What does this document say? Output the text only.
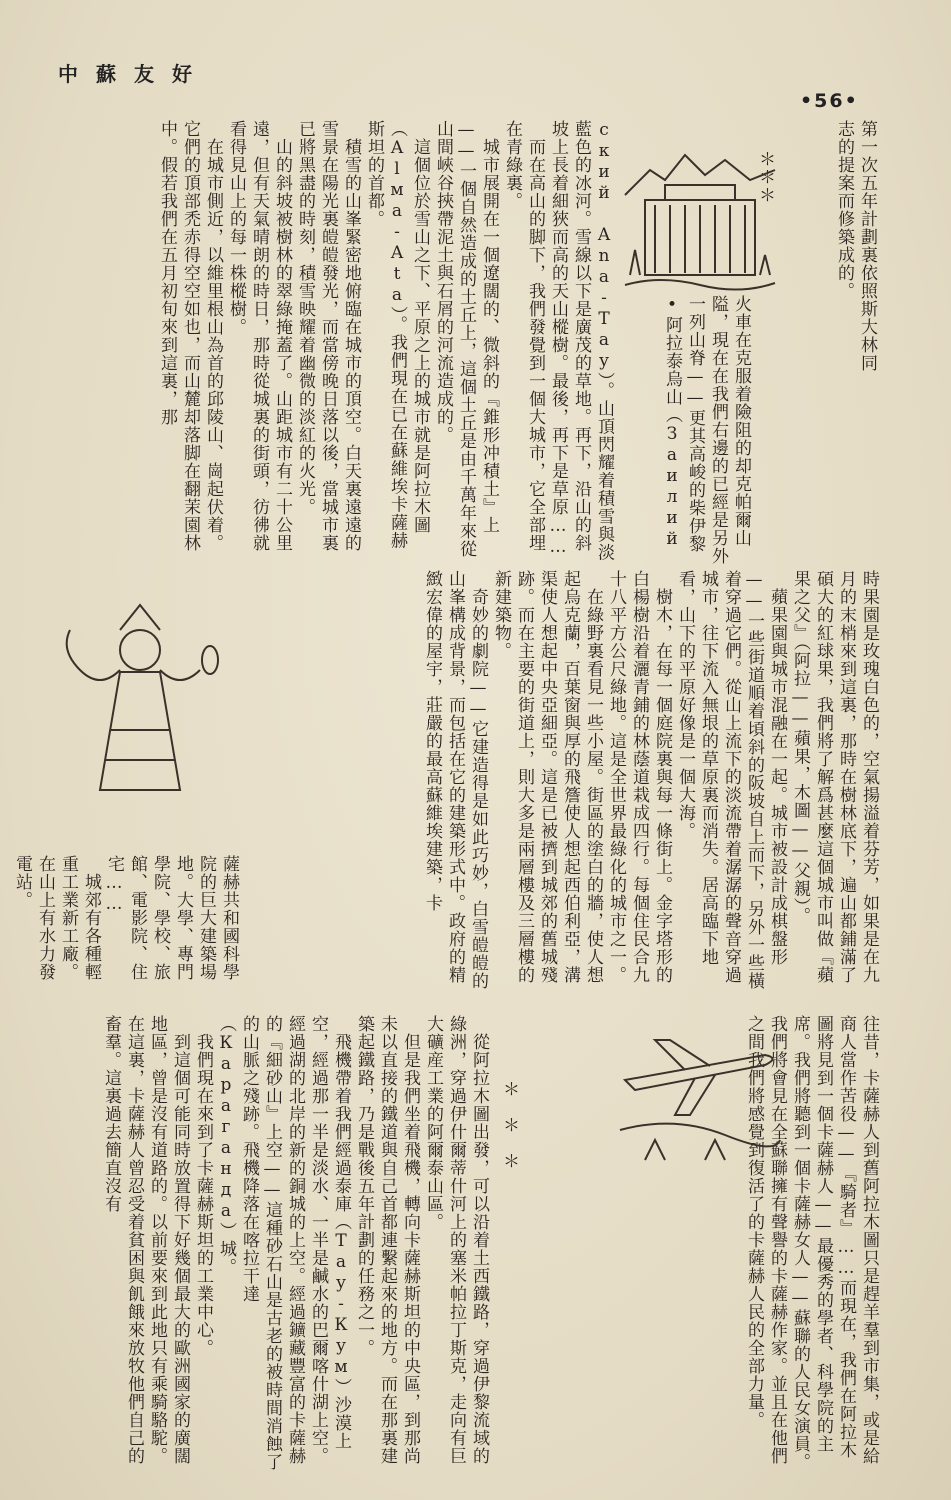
中蘇友好
•56•
第一次五年計劃裏依照斯大林同志的提案而修築成的。
＊＊＊
火車在克服着險阻的却克帕爾山隘，現在在我們右邊的已經是另外一列山脊——更其高峻的柴伊黎•阿拉泰烏山（Заилий
ский Ana-Tay）。山頂閃耀着積雪與淡藍色的冰河。雪線以下是廣茂的草地。再下，沿山的斜坡上長着細狹而高的天山樅樹。最後，再下是草原……
　而在高山的脚下，我們發覺到一個大城市，它全部埋在青綠裏。
　城市展開在一個遼闊的、微斜的『錐形冲積土』上——一個自然造成的土丘上，這個土丘是由千萬年來從山間峽谷挾帶泥土與石屑的河流造成的。
　這個位於雪山之下、平原之上的城市就是阿拉木圖（Аlма-Аta）。我們現在已在蘇維埃卡薩赫斯坦的首都。
　積雪的山峯緊密地俯臨在城市的頂空。白天裏遠遠的雪景在陽光裏皚皚發光，而當傍晚日落以後，當城市裏已將黑盡的時刻，積雪映耀着幽微的淡紅的火光。
　山的斜坡被樹林的翠綠掩蓋了。山距城市有二十公里遠，但有天氣晴朗的時日，那時從城裏的街頭，彷彿就看得見山上的每一株樅樹。
　在城市側近，以維里根山為首的邱陵山、崗起伏着。它們的頂部禿赤得空空如也，而山麓却落脚在翻茉園林中。假若我們在五月初旬來到這裏，那
時果園是玫瑰白色的，空氣揚溢着芬芳，如果是在九月的末梢來到這裏，那時在樹林底下，遍山都鋪滿了碩大的紅球果，我們將了解爲甚麼這個城市叫做『蘋果之父』（阿拉——蘋果，木圖——父親）。
　蘋果園與城市混融在一起。城市被設計成棋盤形——一些街道順着頃斜的阪坡自上而下，另外一些橫着穿過它們。從山上流下的淡流帶着潺潺的聲音穿過城市，往下流入無垠的草原裏而消失。居高臨下地看，山下的平原好像是一個大海。
　樹木，在每一個庭院裏與每一條街上。金字塔形的白楊樹沿着灑青鋪的林蔭道栽成四行。每個住民合九十八平方公尺綠地。這是全世界最綠化的城市之一。
　在綠野裏看見一些小屋。街區的塗白的牆，使人想起烏克蘭，百葉窗與厚的飛簷使人想起西伯利亞，溝渠使人想起中央亞細亞。這是已被擠到城郊的舊城殘跡。而在主要的街道上，則大多是兩層樓及三層樓的新建築物。
　奇妙的劇院——它建造得是如此巧妙，白雪皚皚的山峯構成背景，而包括在它的建築形式中。政府的精緻宏偉的屋宇，莊嚴的最高蘇維埃建築，卡
薩赫共和國科學院的巨大建築場地。大學、專門學院、學校、旅館、電影院、住宅……
　城郊有各種輕重工業新工廠。在山上有水力發電站。
往昔，卡薩赫人到舊阿拉木圖只是趕羊羣到市集，或是給商人當作苦役——『騎者』……而現在，我們在阿拉木圖將見到一個卡薩赫人——最優秀的學者、科學院的主席。我們將聽到一個卡薩赫女人——蘇聯的人民女演員。我們將會見在全蘇聯擁有聲譽的卡薩赫作家。並且在他們之間我們將感覺到復活了的卡薩赫人民的全部力量。
＊　＊　＊
　從阿拉木圖出發，可以沿着土西鐵路，穿過伊黎流域的綠洲，穿過伊什爾蒂什河上的塞米帕拉丁斯克，走向有巨大礦産工業的阿爾泰山區。
　但是我們坐着飛機，轉向卡薩赫斯坦的中央區，到那尚未以直接的鐵道與自己首都連繫起來的地方。而在那裏建築起鐵路，乃是戰後五年計劃的任務之一。
　飛機帶着我們經過泰庫（Тау-Кум）沙漠上空，經過那一半是淡水、一半是鹹水的巴爾喀什湖上空。經過湖的北岸的新的銅城的上空。經過鑛藏豐富的卡薩赫的『細砂山』上空——這種砂石山是古老的被時間消蝕了的山脈之殘跡。飛機降落在喀拉干達（Караганда）城。
　我們現在來到了卡薩赫斯坦的工業中心。
　到這個可能同時放置得下好幾個最大的歐洲國家的廣闊地區，曾是沒有道路的。以前要來到此地只有乘騎駱駝。在這裏，卡薩赫人曾忍受着貧困與飢餓來放牧他們自己的畜羣。這裏過去簡直沒有
